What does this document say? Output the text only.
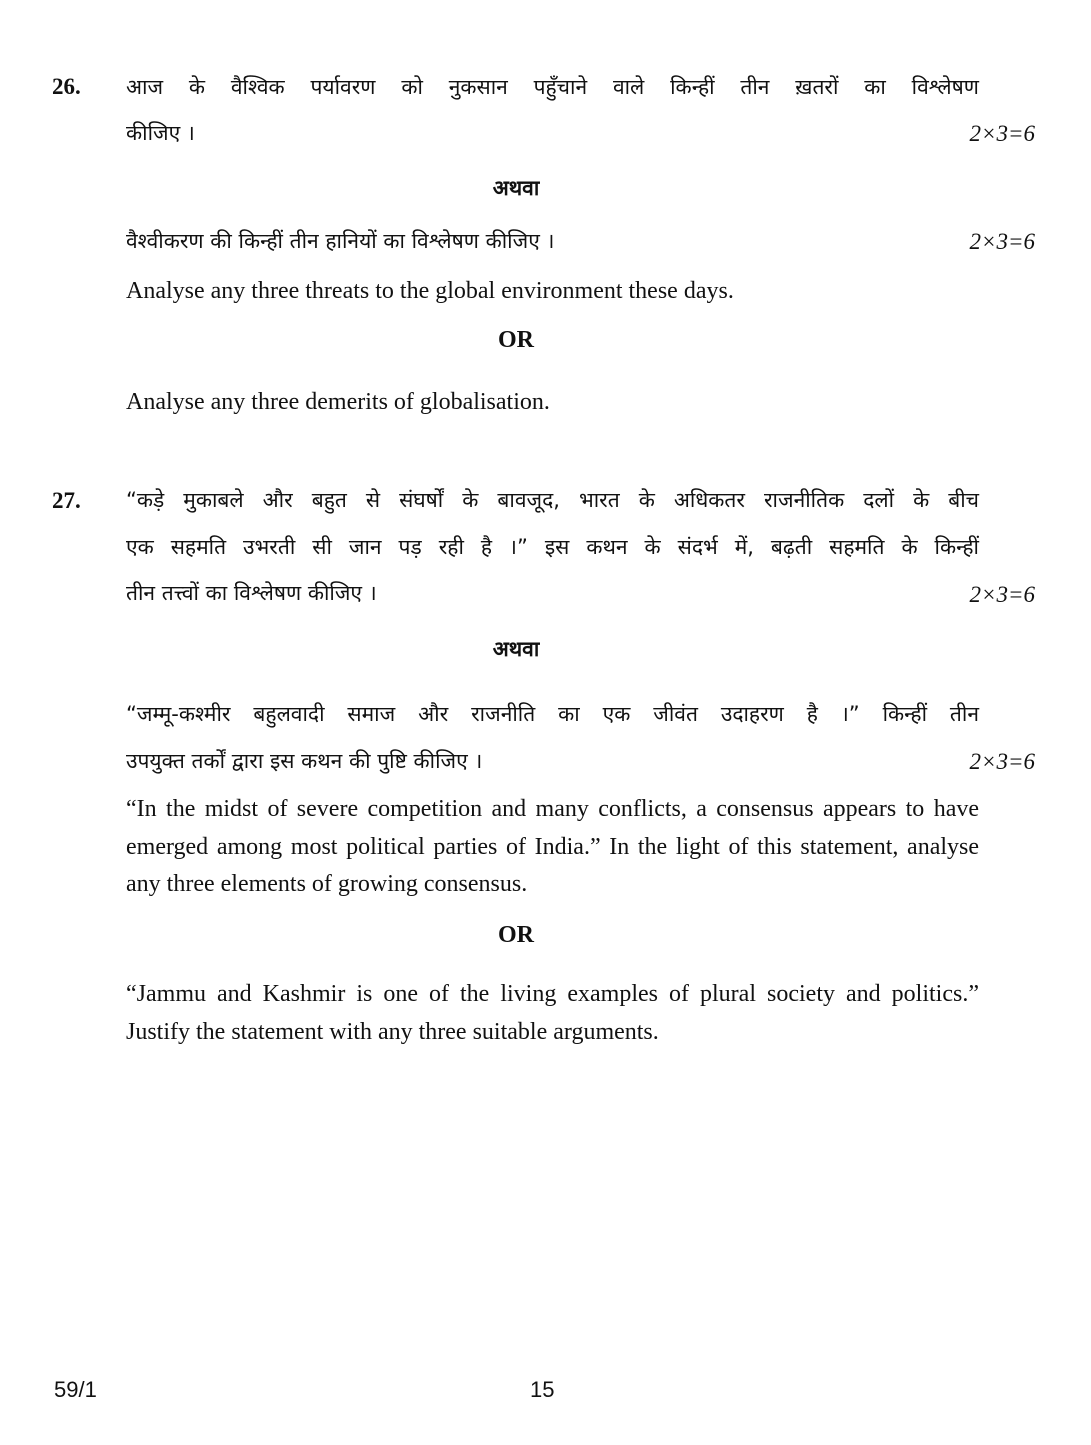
26. आज के वैश्विक पर्यावरण को नुकसान पहुँचाने वाले किन्हीं तीन ख़तरों का विश्लेषण
कीजिए ।	2×3=6
अथवा
वैश्वीकरण की किन्हीं तीन हानियों का विश्लेषण कीजिए ।	2×3=6
Analyse any three threats to the global environment these days.
OR
Analyse any three demerits of globalisation.
27. “कड़े मुकाबले और बहुत से संघर्षों के बावजूद, भारत के अधिकतर राजनीतिक दलों के बीच
एक सहमति उभरती सी जान पड़ रही है ।” इस कथन के संदर्भ में, बढ़ती सहमति के किन्हीं
तीन तत्त्वों का विश्लेषण कीजिए ।	2×3=6
अथवा
“जम्मू-कश्मीर बहुलवादी समाज और राजनीति का एक जीवंत उदाहरण है ।” किन्हीं तीन
उपयुक्त तर्कों द्वारा इस कथन की पुष्टि कीजिए ।	2×3=6
“In the midst of severe competition and many conflicts, a consensus appears to have emerged among most political parties of India.” In the light of this statement, analyse any three elements of growing consensus.
OR
“Jammu and Kashmir is one of the living examples of plural society and politics.” Justify the statement with any three suitable arguments.
59/1	15
